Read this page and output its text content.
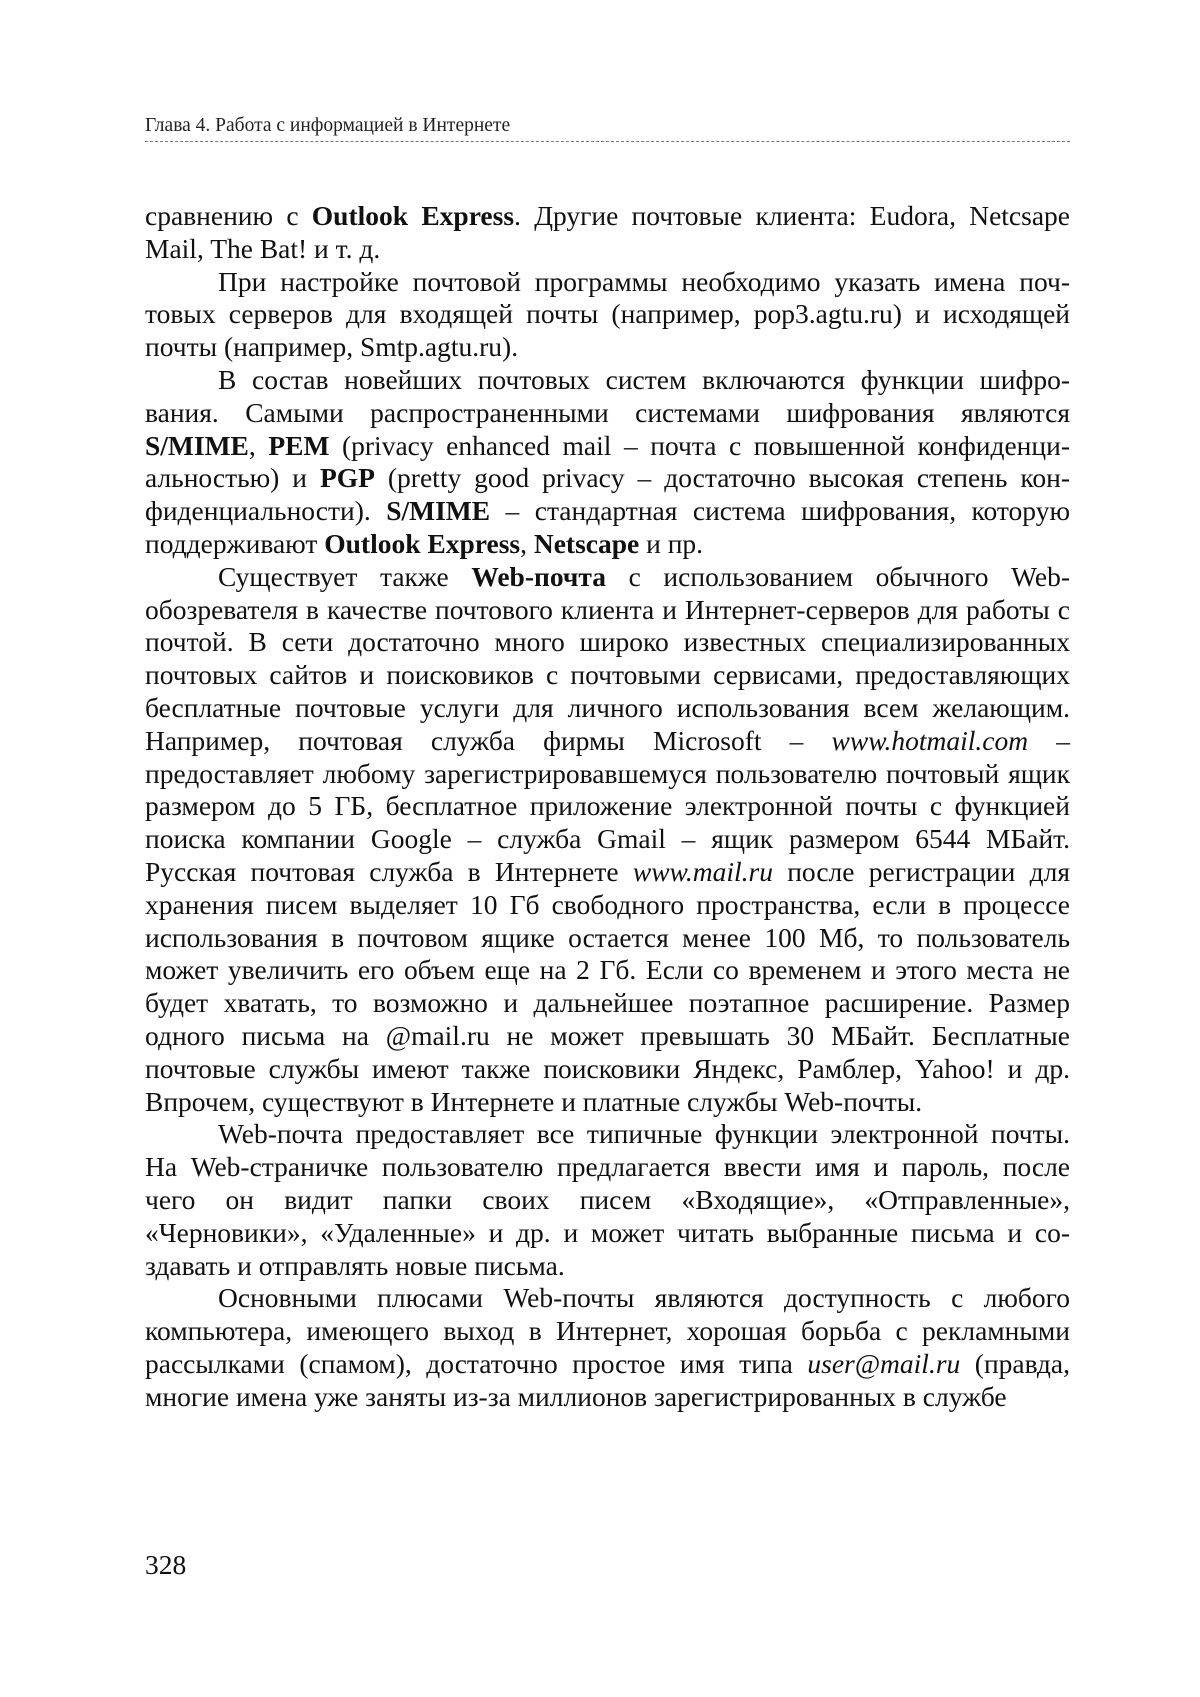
Глава 4. Работа с информацией в Интернете

сравнению с Outlook Express. Другие почтовые клиента: Eudora, Netcsape Mail, The Bat! и т. д.

При настройке почтовой программы необходимо указать имена почтовых серверов для входящей почты (например, pop3.agtu.ru) и исходящей почты (например, Smtp.agtu.ru).

В состав новейших почтовых систем включаются функции шифрования. Самыми распространенными системами шифрования являются S/MIME, PEM (privacy enhanced mail – почта с повышенной конфиденциальностью) и PGP (pretty good privacy – достаточно высокая степень конфиденциальности). S/MIME – стандартная система шифрования, которую поддерживают Outlook Express, Netscape и пр.

Существует также Web-почта с использованием обычного Web-обозревателя в качестве почтового клиента и Интернет-серверов для работы с почтой. В сети достаточно много широко известных специализированных почтовых сайтов и поисковиков с почтовыми сервисами, предоставляющих бесплатные почтовые услуги для личного использования всем желающим. Например, почтовая служба фирмы Microsoft – www.hotmail.com – предоставляет любому зарегистрировавшемуся пользователю почтовый ящик размером до 5 ГБ, бесплатное приложение электронной почты с функцией поиска компании Google – служба Gmail – ящик размером 6544 МБайт. Русская почтовая служба в Интернете www.mail.ru после регистрации для хранения писем выделяет 10 Гб свободного пространства, если в процессе использования в почтовом ящике остается менее 100 Мб, то пользователь может увеличить его объем еще на 2 Гб. Если со временем и этого места не будет хватать, то возможно и дальнейшее поэтапное расширение. Размер одного письма на @mail.ru не может превышать 30 МБайт. Бесплатные почтовые службы имеют также поисковики Яндекс, Рамблер, Yahoo! и др. Впрочем, существуют в Интернете и платные службы Web-почты.

Web-почта предоставляет все типичные функции электронной почты. На Web-страничке пользователю предлагается ввести имя и пароль, после чего он видит папки своих писем «Входящие», «Отправленные», «Черновики», «Удаленные» и др. и может читать выбранные письма и создавать и отправлять новые письма.

Основными плюсами Web-почты являются доступность с любого компьютера, имеющего выход в Интернет, хорошая борьба с рекламными рассылками (спамом), достаточно простое имя типа user@mail.ru (правда, многие имена уже заняты из-за миллионов зарегистрированных в службе

328
